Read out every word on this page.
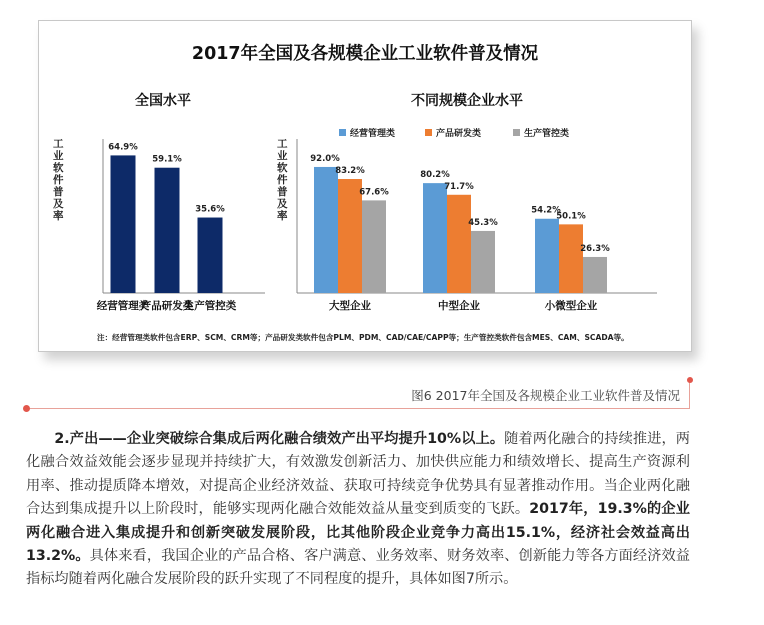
2017年全国及各规模企业工业软件普及情况
全国水平
工业软件普及率
64.9%
经营管理类
59.1%
产品研发类
35.6%
生产管控类
不同规模企业水平
工业软件普及率
经营管理类	产品研发类	生产管控类
92.0%
83.2%
67.6%
大型企业
80.2%
71.7%
45.3%
中型企业
54.2%
50.1%
26.3%
小微型企业
注：经营管理类软件包含ERP、SCM、CRM等；产品研发类软件包含PLM、PDM、CAD/CAE/CAPP等；生产管控类软件包含MES、CAM、SCADA等。
图6 2017年全国及各规模企业工业软件普及情况

2.产出——企业突破综合集成后两化融合绩效产出平均提升10%以上。随着两化融合的持续推进，两化融合效益效能会逐步显现并持续扩大，有效激发创新活力、加快供应能力和绩效增长、提高生产资源利用率、推动提质降本增效，对提高企业经济效益、获取可持续竞争优势具有显著推动作用。当企业两化融合达到集成提升以上阶段时，能够实现两化融合效能效益从量变到质变的飞跃。2017年，19.3%的企业两化融合进入集成提升和创新突破发展阶段，比其他阶段企业竞争力高出15.1%，经济社会效益高出13.2%。具体来看，我国企业的产品合格、客户满意、业务效率、财务效率、创新能力等各方面经济效益指标均随着两化融合发展阶段的跃升实现了不同程度的提升，具体如图7所示。
